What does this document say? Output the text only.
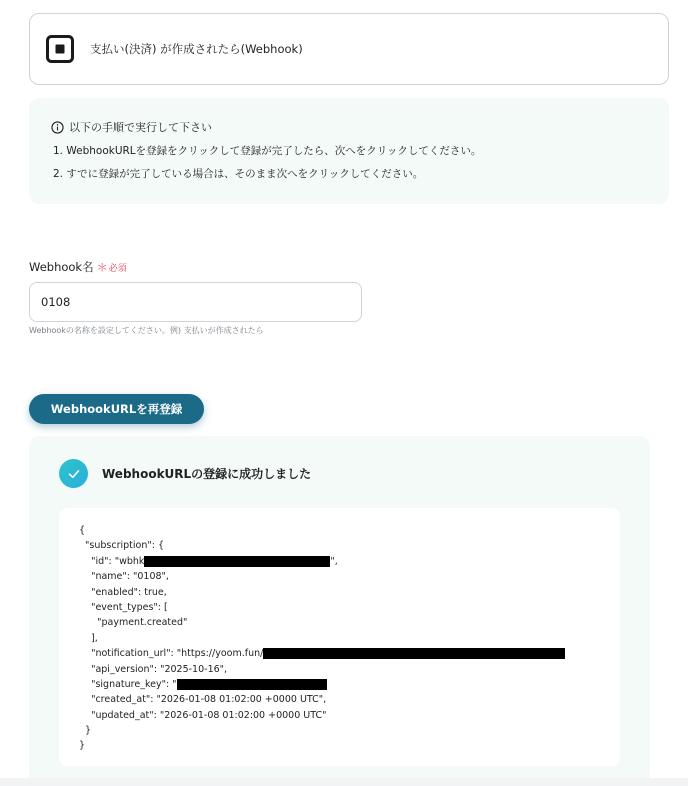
支払い(決済) が作成されたら(Webhook)
以下の手順で実行して下さい
1. WebhookURLを登録をクリックして登録が完了したら、次へをクリックしてください。
2. すでに登録が完了している場合は、そのまま次へをクリックしてください。
Webhook名 ＊ 必須
0108
Webhookの名称を設定してください。例) 支払いが作成されたら
WebhookURLを再登録
WebhookURLの登録に成功しました
{
"subscription": {
"id": "wbhk	",
"name": "0108",
"enabled": true,
"event_types": [
"payment.created"
],
"notification_url": "https://yoom.fun/
"api_version": "2025-10-16",
"signature_key": "
"created_at": "2026-01-08 01:02:00 +0000 UTC",
"updated_at": "2026-01-08 01:02:00 +0000 UTC"
}
}
